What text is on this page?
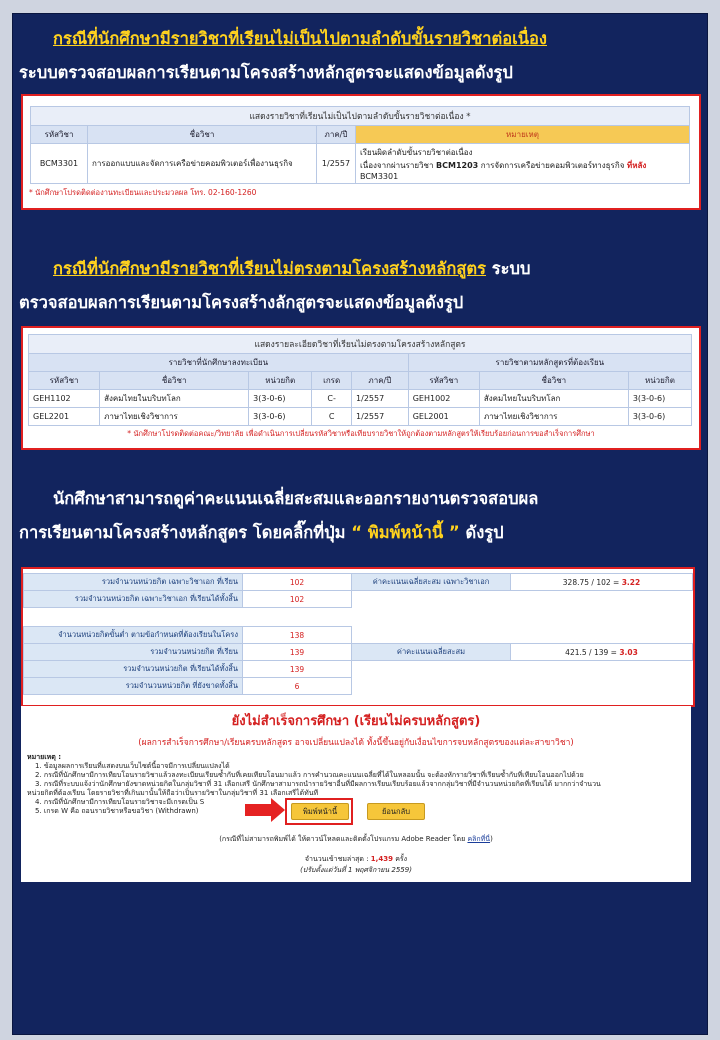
กรณีที่นักศึกษามีรายวิชาที่เรียนไม่เป็นไปตามลำดับขั้นรายวิชาต่อเนื่อง
ระบบตรวจสอบผลการเรียนตามโครงสร้างหลักสูตรจะแสดงข้อมูลดังรูป
แสดงรายวิชาที่เรียนไม่เป็นไปตามลำดับขั้นรายวิชาต่อเนื่อง *			
รหัสวิชา	ชื่อวิชา	ภาค/ปี	หมายเหตุ
BCM3301	การออกแบบและจัดการเครือข่ายคอมพิวเตอร์เพื่องานธุรกิจ	1/2557	เรียนผิดลำดับขั้นรายวิชาต่อเนื่อง
เนื่องจากผ่านรายวิชา BCM1203 การจัดการเครือข่ายคอมพิวเตอร์ทางธุรกิจ ที่หลัง BCM3301
* นักศึกษาโปรดติดต่องานทะเบียนและประมวลผล โทร. 02-160-1260
กรณีที่นักศึกษามีรายวิชาที่เรียนไม่ตรงตามโครงสร้างหลักสูตร ระบบ
ตรวจสอบผลการเรียนตามโครงสร้างลักสูตรจะแสดงข้อมูลดังรูป
แสดงรายละเอียดวิชาที่เรียนไม่ตรงตามโครงสร้างหลักสูตร							
รายวิชาที่นักศึกษาลงทะเบียน					รายวิชาตามหลักสูตรที่ต้องเรียน		
รหัสวิชา	ชื่อวิชา	หน่วยกิต	เกรด	ภาค/ปี	รหัสวิชา	ชื่อวิชา	หน่วยกิต
GEH1102	สังคมไทยในบริบทโลก	3(3-0-6)	C-	1/2557	GEH1002	สังคมไทยในบริบทโลก	3(3-0-6)
GEL2201	ภาษาไทยเชิงวิชาการ	3(3-0-6)	C	1/2557	GEL2001	ภาษาไทยเชิงวิชาการ	3(3-0-6)
* นักศึกษาโปรดติดต่อคณะ/วิทยาลัย เพื่อดำเนินการเปลี่ยนรหัสวิชาหรือเทียบรายวิชาให้ถูกต้องตามหลักสูตรให้เรียบร้อยก่อนการขอสำเร็จการศึกษา
นักศึกษาสามารถดูค่าคะแนนเฉลี่ยสะสมและออกรายงานตรวจสอบผล
การเรียนตามโครงสร้างหลักสูตร โดยคลิ๊กที่ปุ่ม “ พิมพ์หน้านี้ ” ดังรูป
รวมจำนวนหน่วยกิต เฉพาะวิชาเอก ที่เรียน	102	ค่าคะแนนเฉลี่ยสะสม เฉพาะวิชาเอก	328.75 / 102 = 3.22
รวมจำนวนหน่วยกิต เฉพาะวิชาเอก ที่เรียนได้ทั้งสิ้น	102		

จำนวนหน่วยกิตขั้นต่ำ ตามข้อกำหนดที่ต้องเรียนในโครง	138		
รวมจำนวนหน่วยกิต ที่เรียน	139	ค่าคะแนนเฉลี่ยสะสม	421.5 / 139 = 3.03
รวมจำนวนหน่วยกิต ที่เรียนได้ทั้งสิ้น	139		
รวมจำนวนหน่วยกิต ที่ยังขาดทั้งสิ้น	6		
ยังไม่สำเร็จการศึกษา (เรียนไม่ครบหลักสูตร)
(ผลการสำเร็จการศึกษา/เรียนครบหลักสูตร อาจเปลี่ยนแปลงได้ ทั้งนี้ขึ้นอยู่กับเงื่อนไขการจบหลักสูตรของแต่ละสาขาวิชา)
หมายเหตุ :
1. ข้อมูลผลการเรียนที่แสดงบนเว็บไซต์นี้อาจมีการเปลี่ยนแปลงได้
2. กรณีที่นักศึกษามีการเทียบโอนรายวิชาแล้วลงทะเบียนเรียนซ้ำกับที่เคยเทียบโอนมาแล้ว การคำนวณคะแนนเฉลี่ยที่ได้ในหลอมนั้น จะต้องหักรายวิชาที่เรียนซ้ำกับที่เทียบโอนออกไปด้วย
3. กรณีที่ระบบแจ้งว่านักศึกษายังขาดหน่วยกิตในกลุ่มวิชาที่ 31 เลือกเสรี นักศึกษาสามารถนำรายวิชาอื่นที่มีผลการเรียนเรียบร้อยแล้วจากกลุ่มวิชาที่มีจำนวนหน่วยกิตที่เรียนได้ มากกว่าจำนวน
หน่วยกิตที่ต้องเรียน โดยรายวิชาที่เกินมานั้นให้ถือว่าเป็นรายวิชาในกลุ่มวิชาที่ 31 เลือกเสรีได้ทันที
4. กรณีที่นักศึกษามีการเทียบโอนรายวิชาจะมีเกรดเป็น S
5. เกรด W คือ ถอนรายวิชาหรือขอวิชา (Withdrawn)	พิมพ์หน้านี้	ย้อนกลับ
(กรณีที่ไม่สามารถพิมพ์ได้ ให้ดาวน์โหลดและติดตั้งโปรแกรม Adobe Reader โดย คลิกที่นี่)
จำนวนเข้าชมล่าสุด : 1,439 ครั้ง
(ปรับตั้งแต่วันที่ 1 พฤศจิกายน 2559)
